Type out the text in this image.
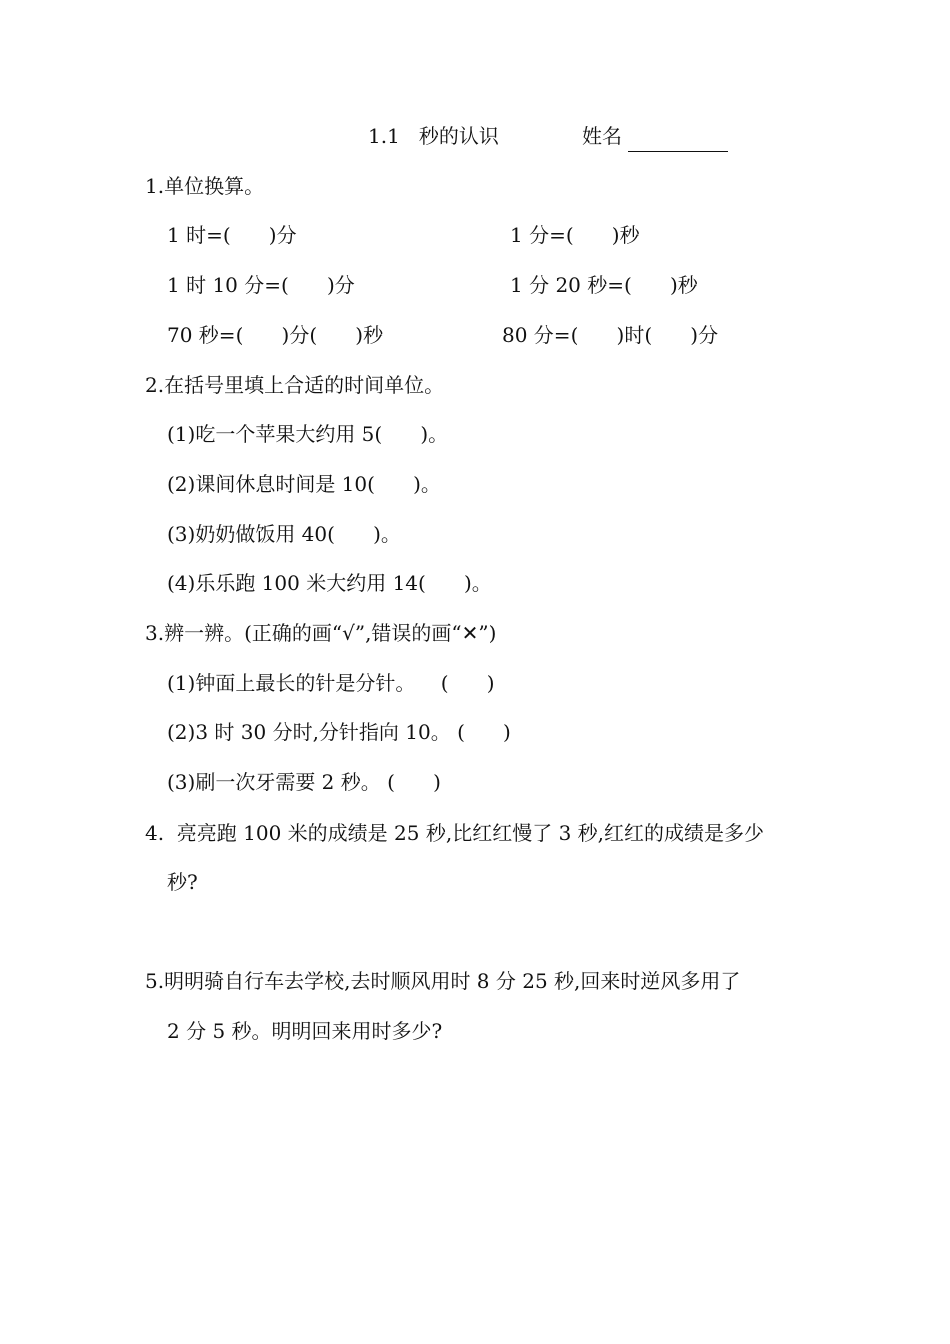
1.1   秒的认识	姓名
1.单位换算。
1 时=(      )分	1 分=(      )秒
1 时 10 分=(      )分	1 分 20 秒=(      )秒
70 秒=(      )分(      )秒	80 分=(      )时(      )分
2.在括号里填上合适的时间单位。
(1)吃一个苹果大约用 5(      )。
(2)课间休息时间是 10(      )。
(3)奶奶做饭用 40(      )。
(4)乐乐跑 100 米大约用 14(      )。
3.辨一辨。(正确的画“√”,错误的画“✕”)
(1)钟面上最长的针是分针。    (      )
(2)3 时 30 分时,分针指向 10。 (      )
(3)刷一次牙需要 2 秒。 (      )
4.  亮亮跑 100 米的成绩是 25 秒,比红红慢了 3 秒,红红的成绩是多少
秒?
5.明明骑自行车去学校,去时顺风用时 8 分 25 秒,回来时逆风多用了
2 分 5 秒。明明回来用时多少?
